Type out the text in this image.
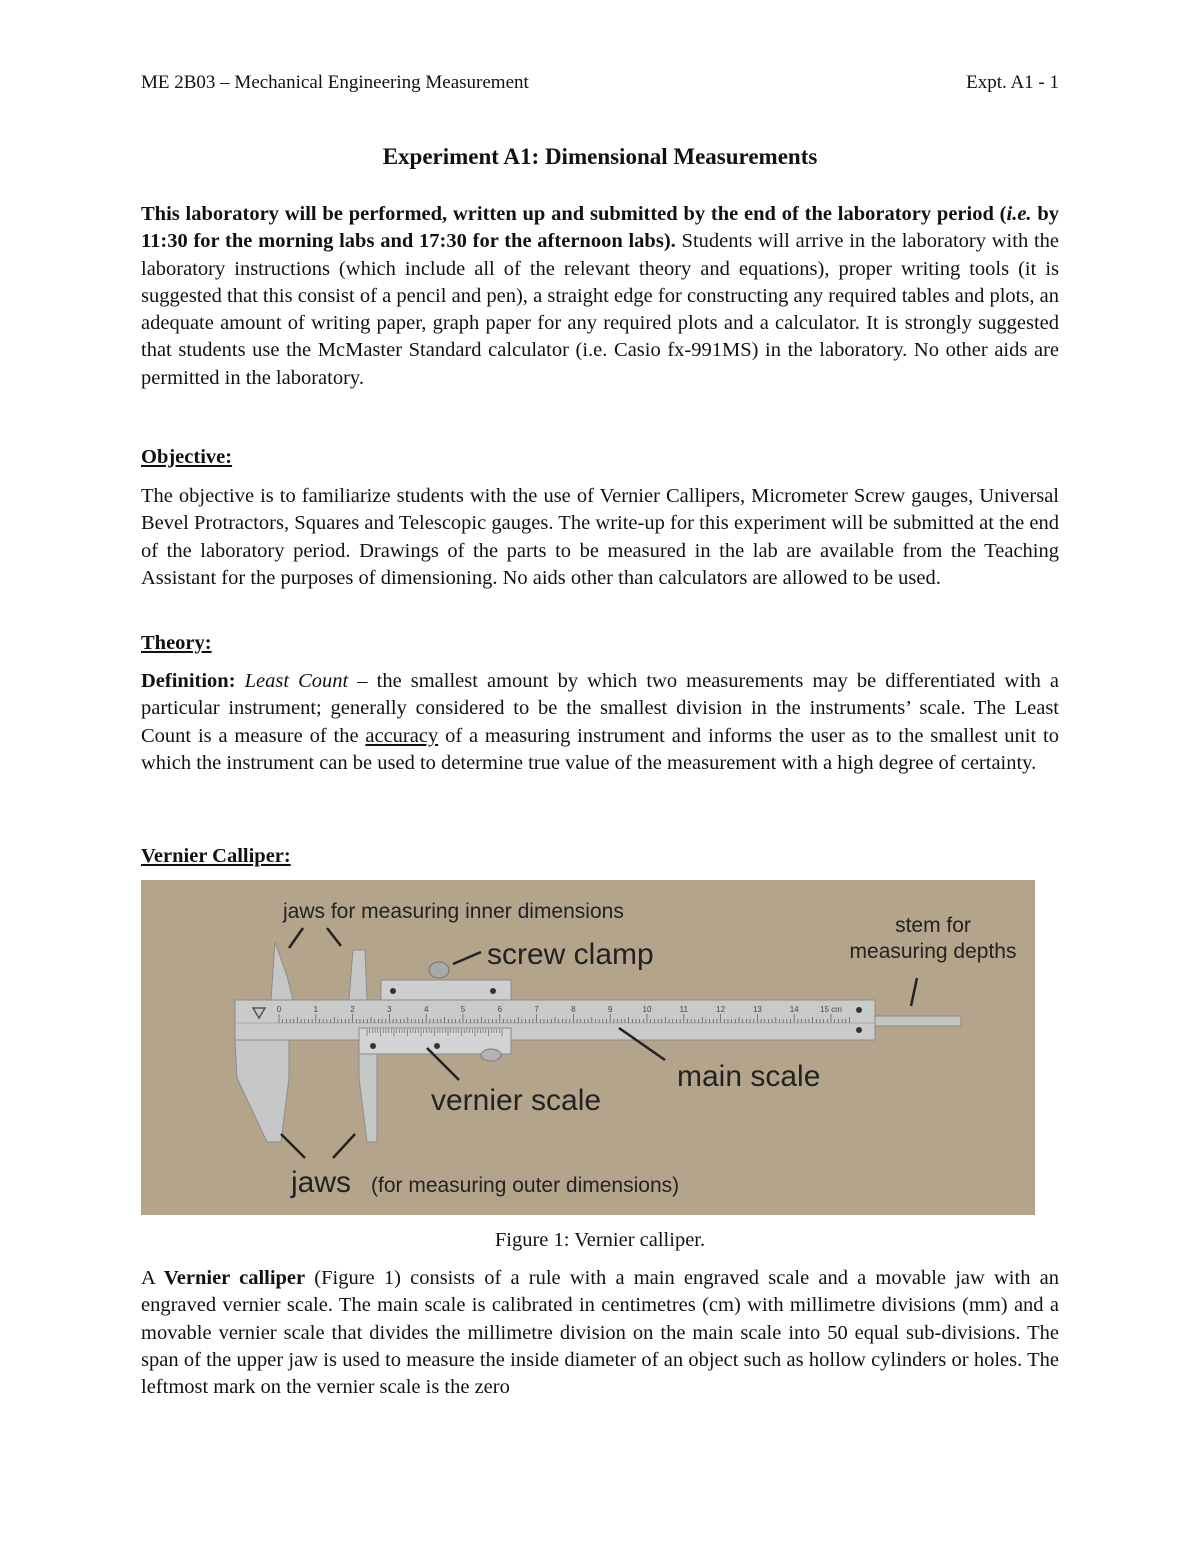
ME 2B03 – Mechanical Engineering Measurement	Expt. A1 - 1
Experiment A1: Dimensional Measurements

This laboratory will be performed, written up and submitted by the end of the laboratory period (i.e. by 11:30 for the morning labs and 17:30 for the afternoon labs). Students will arrive in the laboratory with the laboratory instructions (which include all of the relevant theory and equations), proper writing tools (it is suggested that this consist of a pencil and pen), a straight edge for constructing any required tables and plots, an adequate amount of writing paper, graph paper for any required plots and a calculator. It is strongly suggested that students use the McMaster Standard calculator (i.e. Casio fx-991MS) in the laboratory. No other aids are permitted in the laboratory.

Objective:

The objective is to familiarize students with the use of Vernier Callipers, Micrometer Screw gauges, Universal Bevel Protractors, Squares and Telescopic gauges. The write-up for this experiment will be submitted at the end of the laboratory period. Drawings of the parts to be measured in the lab are available from the Teaching Assistant for the purposes of dimensioning. No aids other than calculators are allowed to be used.

Theory:

Definition: Least Count – the smallest amount by which two measurements may be differentiated with a particular instrument; generally considered to be the smallest division in the instruments’ scale. The Least Count is a measure of the accuracy of a measuring instrument and informs the user as to the smallest unit to which the instrument can be used to determine true value of the measurement with a high degree of certainty.

Vernier Calliper:
0	1	2	3	4	5	6	7	8	9	10	11	12	13	14	15 cm
jaws for measuring inner dimensions
screw clamp
stem for
measuring depths
vernier scale
main scale
jaws (for measuring outer dimensions)
Figure 1: Vernier calliper.

A Vernier calliper (Figure 1) consists of a rule with a main engraved scale and a movable jaw with an engraved vernier scale. The main scale is calibrated in centimetres (cm) with millimetre divisions (mm) and a movable vernier scale that divides the millimetre division on the main scale into 50 equal sub-divisions. The span of the upper jaw is used to measure the inside diameter of an object such as hollow cylinders or holes. The leftmost mark on the vernier scale is the zero
